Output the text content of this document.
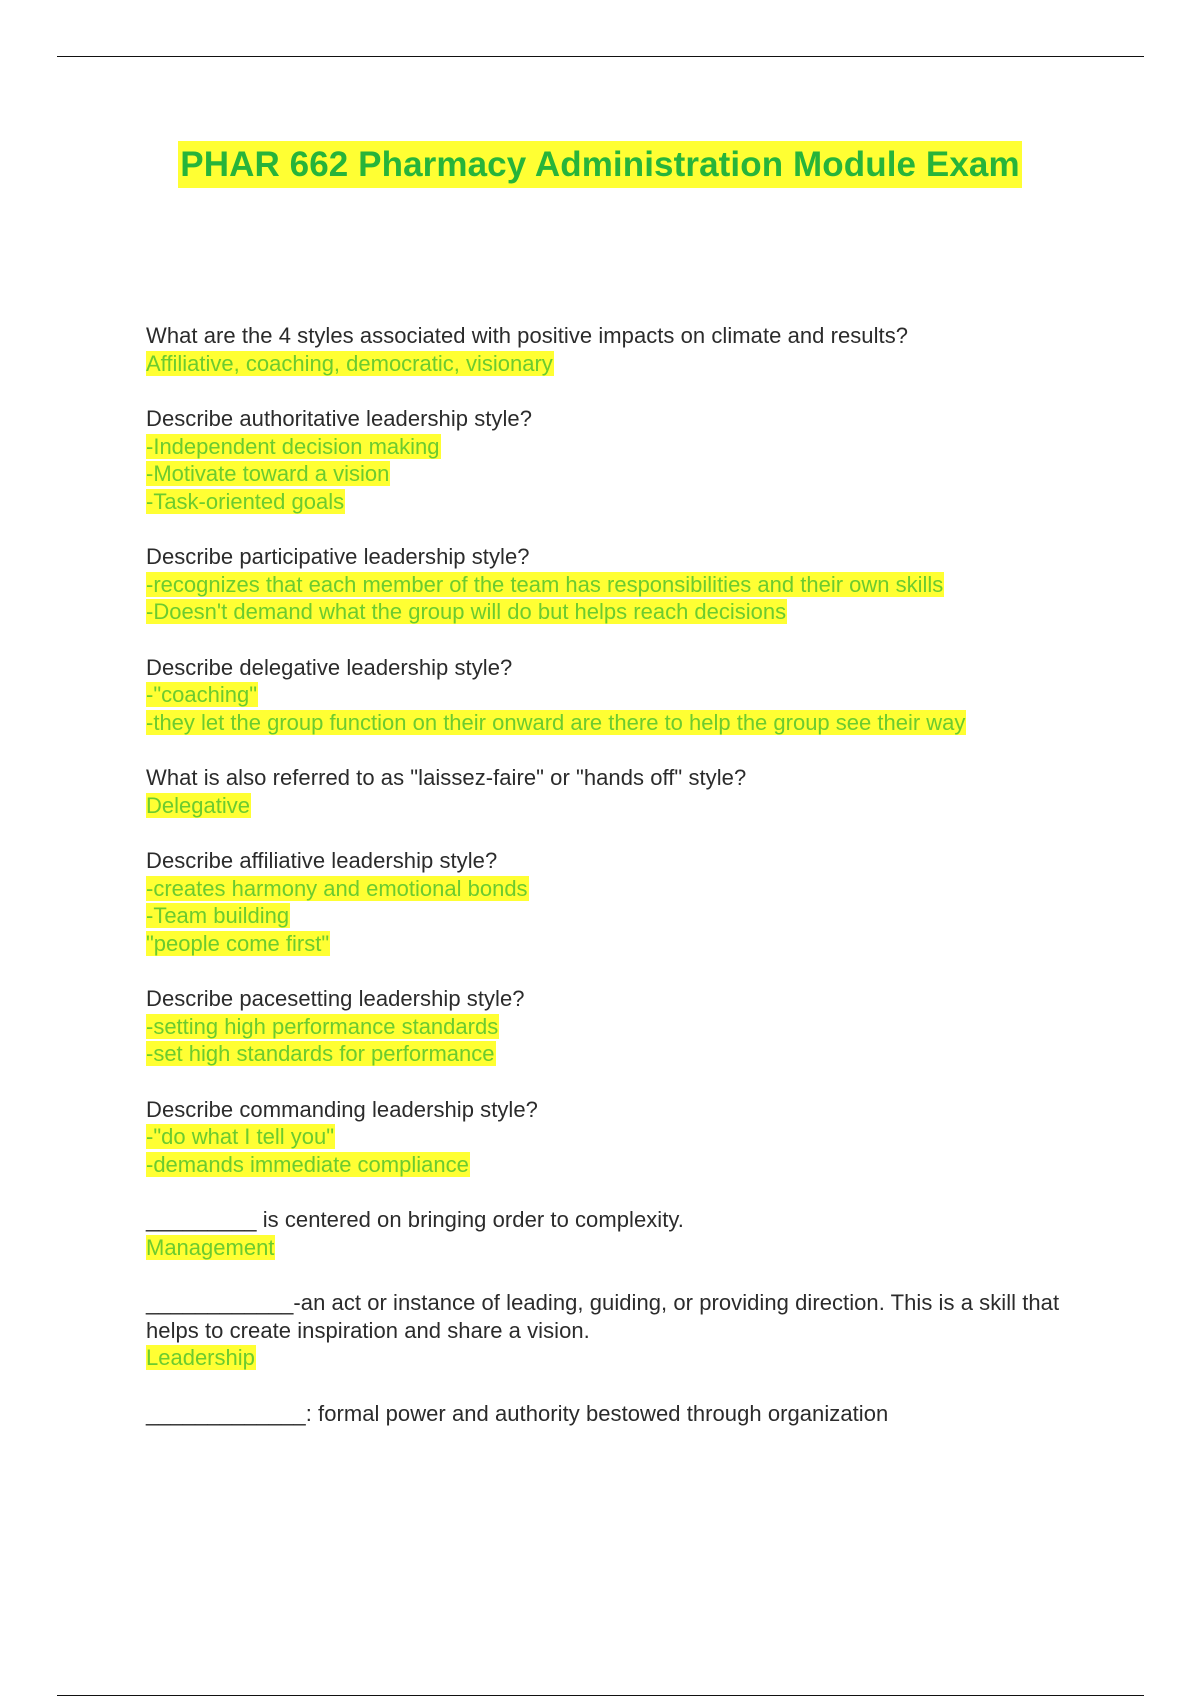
PHAR 662 Pharmacy Administration Module Exam
What are the 4 styles associated with positive impacts on climate and results?
Affiliative, coaching, democratic, visionary
Describe authoritative leadership style?
-Independent decision making
-Motivate toward a vision
-Task-oriented goals
Describe participative leadership style?
-recognizes that each member of the team has responsibilities and their own skills
-Doesn't demand what the group will do but helps reach decisions
Describe delegative leadership style?
-"coaching"
-they let the group function on their onward are there to help the group see their way
What is also referred to as "laissez-faire" or "hands off" style?
Delegative
Describe affiliative leadership style?
-creates harmony and emotional bonds
-Team building
"people come first"
Describe pacesetting leadership style?
-setting high performance standards
-set high standards for performance
Describe commanding leadership style?
-"do what I tell you"
-demands immediate compliance
_________ is centered on bringing order to complexity.
Management
____________-an act or instance of leading, guiding, or providing direction. This is a skill that helps to create inspiration and share a vision.
Leadership
_____________: formal power and authority bestowed through organization
